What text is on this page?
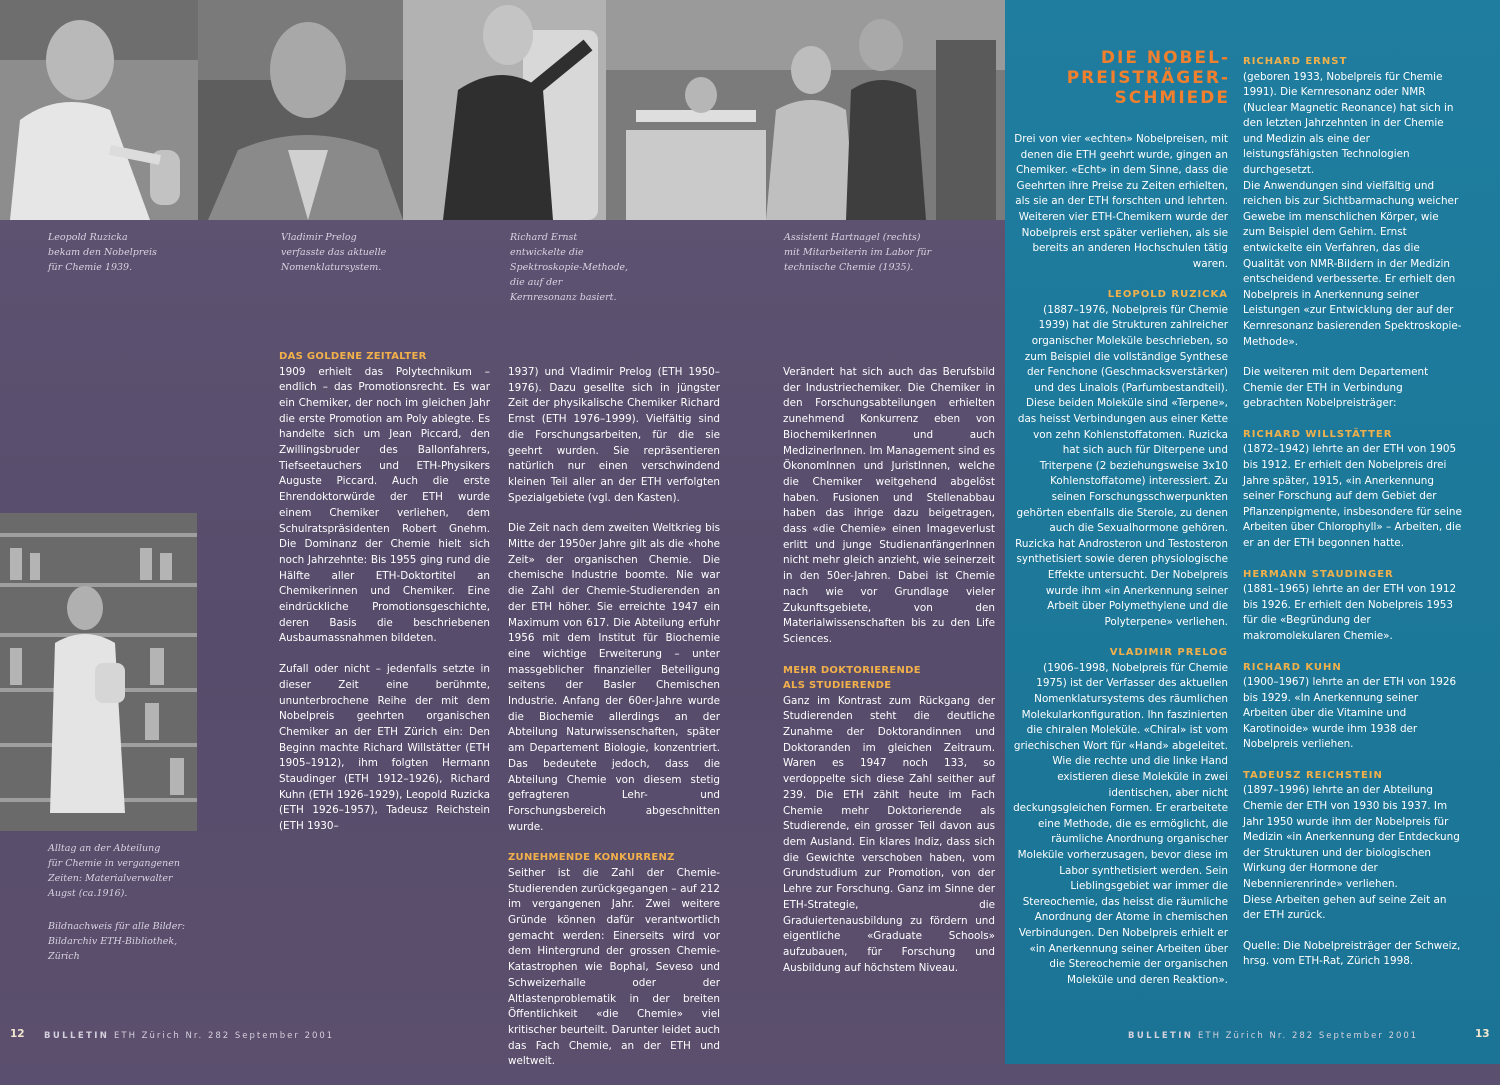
Leopold Ruzicka
bekam den Nobelpreis
für Chemie 1939.
Vladimir Prelog
verfasste das aktuelle
Nomenklatursystem.
Richard Ernst
entwickelte die
Spektroskopie-Methode,
die auf der
Kernresonanz basiert.
Assistent Hartnagel (rechts)
mit Mitarbeiterin im Labor für
technische Chemie (1935).
Alltag an der Abteilung
für Chemie in vergangenen
Zeiten: Materialverwalter
Augst (ca.1916).
Bildnachweis für alle Bilder:
Bildarchiv ETH-Bibliothek,
Zürich
DAS GOLDENE ZEITALTER

1909 erhielt das Polytechnikum – endlich – das Promotionsrecht. Es war ein Chemiker, der noch im gleichen Jahr die erste Promotion am Poly ablegte. Es handelte sich um Jean Piccard, den Zwillingsbruder des Ballonfahrers, Tiefseetauchers und ETH-Physikers Auguste Piccard. Auch die erste Ehrendoktorwürde der ETH wurde einem Chemiker verliehen, dem Schulratspräsidenten Robert Gnehm. Die Dominanz der Chemie hielt sich noch Jahrzehnte: Bis 1955 ging rund die Hälfte aller ETH-Doktortitel an Chemikerinnen und Chemiker. Eine eindrückliche Promotionsgeschichte, deren Basis die beschriebenen Ausbaumassnahmen bildeten.

Zufall oder nicht – jedenfalls setzte in dieser Zeit eine berühmte, ununterbrochene Reihe der mit dem Nobelpreis geehrten organischen Chemiker an der ETH Zürich ein: Den Beginn machte Richard Willstätter (ETH 1905–1912), ihm folgten Hermann Staudinger (ETH 1912–1926), Richard Kuhn (ETH 1926–1929), Leopold Ruzicka (ETH 1926–1957), Tadeusz Reichstein (ETH 1930–

1937) und Vladimir Prelog (ETH 1950–1976). Dazu gesellte sich in jüngster Zeit der physikalische Chemiker Richard Ernst (ETH 1976–1999). Vielfältig sind die Forschungsarbeiten, für die sie geehrt wurden. Sie repräsentieren natürlich nur einen verschwindend kleinen Teil aller an der ETH verfolgten Spezialgebiete (vgl. den Kasten).

Die Zeit nach dem zweiten Weltkrieg bis Mitte der 1950er Jahre gilt als die «hohe Zeit» der organischen Chemie. Die chemische Industrie boomte. Nie war die Zahl der Chemie-Studierenden an der ETH höher. Sie erreichte 1947 ein Maximum von 617. Die Abteilung erfuhr 1956 mit dem Institut für Biochemie eine wichtige Erweiterung – unter massgeblicher finanzieller Beteiligung seitens der Basler Chemischen Industrie. Anfang der 60er-Jahre wurde die Biochemie allerdings an der Abteilung Naturwissenschaften, später am Departement Biologie, konzentriert. Das bedeutete jedoch, dass die Abteilung Chemie von diesem stetig gefragteren Lehr- und Forschungsbereich abgeschnitten wurde.

ZUNEHMENDE KONKURRENZ

Seither ist die Zahl der Chemie-Studierenden zurückgegangen – auf 212 im vergangenen Jahr. Zwei weitere Gründe können dafür verantwortlich gemacht werden: Einerseits wird vor dem Hintergrund der grossen Chemie-Katastrophen wie Bophal, Seveso und Schweizerhalle oder der Altlastenproblematik in der breiten Öffentlichkeit «die Chemie» viel kritischer beurteilt. Darunter leidet auch das Fach Chemie, an der ETH und weltweit.

Verändert hat sich auch das Berufsbild der Industriechemiker. Die Chemiker in den Forschungsabteilungen erhielten zunehmend Konkurrenz eben von BiochemikerInnen und auch MedizinerInnen. Im Management sind es ÖkonomInnen und JuristInnen, welche die Chemiker weitgehend abgelöst haben. Fusionen und Stellenabbau haben das ihrige dazu beigetragen, dass «die Chemie» einen Imageverlust erlitt und junge StudienanfängerInnen nicht mehr gleich anzieht, wie seinerzeit in den 50er-Jahren. Dabei ist Chemie nach wie vor Grundlage vieler Zukunftsgebiete, von den Materialwissenschaften bis zu den Life Sciences.

MEHR DOKTORIERENDE
ALS STUDIERENDE

Ganz im Kontrast zum Rückgang der Studierenden steht die deutliche Zunahme der Doktorandinnen und Doktoranden im gleichen Zeitraum. Waren es 1947 noch 133, so verdoppelte sich diese Zahl seither auf 239. Die ETH zählt heute im Fach Chemie mehr Doktorierende als Studierende, ein grosser Teil davon aus dem Ausland. Ein klares Indiz, dass sich die Gewichte verschoben haben, vom Grundstudium zur Promotion, von der Lehre zur Forschung. Ganz im Sinne der ETH-Strategie, die Graduiertenausbildung zu fördern und eigentliche «Graduate Schools» aufzubauen, für Forschung und Ausbildung auf höchstem Niveau.

DIE NOBEL-
PREISTRÄGER-
SCHMIEDE

Drei von vier «echten» Nobelpreisen, mit denen die ETH geehrt wurde, gingen an Chemiker. «Echt» in dem Sinne, dass die Geehrten ihre Preise zu Zeiten erhielten, als sie an der ETH forschten und lehrten. Weiteren vier ETH-Chemikern wurde der Nobelpreis erst später verliehen, als sie bereits an anderen Hochschulen tätig waren.

LEOPOLD RUZICKA

(1887–1976, Nobelpreis für Chemie 1939) hat die Strukturen zahlreicher organischer Moleküle beschrieben, so zum Beispiel die vollständige Synthese der Fenchone (Geschmacksverstärker) und des Linalols (Parfumbestandteil). Diese beiden Moleküle sind «Terpene», das heisst Verbindungen aus einer Kette von zehn Kohlenstoffatomen. Ruzicka hat sich auch für Diterpene und Triterpene (2 beziehungsweise 3x10 Kohlenstoffatome) interessiert. Zu seinen Forschungsschwerpunkten gehörten ebenfalls die Sterole, zu denen auch die Sexualhormone gehören. Ruzicka hat Androsteron und Testosteron synthetisiert sowie deren physiologische Effekte untersucht. Der Nobelpreis wurde ihm «in Anerkennung seiner Arbeit über Polymethylene und die Polyterpene» verliehen.

VLADIMIR PRELOG

(1906–1998, Nobelpreis für Chemie 1975) ist der Verfasser des aktuellen Nomenklatursystems des räumlichen Molekularkonfiguration. Ihn faszinierten die chiralen Moleküle. «Chiral» ist vom griechischen Wort für «Hand» abgeleitet. Wie die rechte und die linke Hand existieren diese Moleküle in zwei identischen, aber nicht deckungsgleichen Formen. Er erarbeitete eine Methode, die es ermöglicht, die räumliche Anordnung organischer Moleküle vorherzusagen, bevor diese im Labor synthetisiert werden. Sein Lieblingsgebiet war immer die Stereochemie, das heisst die räumliche Anordnung der Atome in chemischen Verbindungen. Den Nobelpreis erhielt er «in Anerkennung seiner Arbeiten über die Stereochemie der organischen Moleküle und deren Reaktion».

RICHARD ERNST
(geboren 1933, Nobelpreis für Chemie 1991). Die Kernresonanz oder NMR (Nuclear Magnetic Reonance) hat sich in den letzten Jahrzehnten in der Chemie und Medizin als eine der leistungsfähigsten Technologien durchgesetzt.

Die Anwendungen sind vielfältig und reichen bis zur Sichtbarmachung weicher Gewebe im menschlichen Körper, wie zum Beispiel dem Gehirn. Ernst entwickelte ein Verfahren, das die Qualität von NMR-Bildern in der Medizin entscheidend verbesserte. Er erhielt den Nobelpreis in Anerkennung seiner Leistungen «zur Entwicklung der auf der Kernresonanz basierenden Spektroskopie-Methode».

Die weiteren mit dem Departement Chemie der ETH in Verbindung gebrachten Nobelpreisträger:

RICHARD WILLSTÄTTER

(1872–1942) lehrte an der ETH von 1905 bis 1912. Er erhielt den Nobelpreis drei Jahre später, 1915, «in Anerkennung seiner Forschung auf dem Gebiet der Pflanzenpigmente, insbesondere für seine Arbeiten über Chlorophyll» – Arbeiten, die er an der ETH begonnen hatte.

HERMANN STAUDINGER

(1881–1965) lehrte an der ETH von 1912 bis 1926. Er erhielt den Nobelpreis 1953 für die «Begründung der makromolekularen Chemie».

RICHARD KUHN

(1900–1967) lehrte an der ETH von 1926 bis 1929. «In Anerkennung seiner Arbeiten über die Vitamine und Karotinoide» wurde ihm 1938 der Nobelpreis verliehen.

TADEUSZ REICHSTEIN
(1897–1996) lehrte an der Abteilung Chemie der ETH von 1930 bis 1937. Im Jahr 1950 wurde ihm der Nobelpreis für Medizin «in Anerkennung der Entdeckung der Strukturen und der biologischen Wirkung der Hormone der Nebennierenrinde» verliehen.

Diese Arbeiten gehen auf seine Zeit an der ETH zurück.

Quelle: Die Nobelpreisträger der Schweiz, hrsg. vom ETH-Rat, Zürich 1998.

12 BULLETIN ETH Zürich Nr. 282 September 2001	BULLETIN ETH Zürich Nr. 282 September 2001	13
